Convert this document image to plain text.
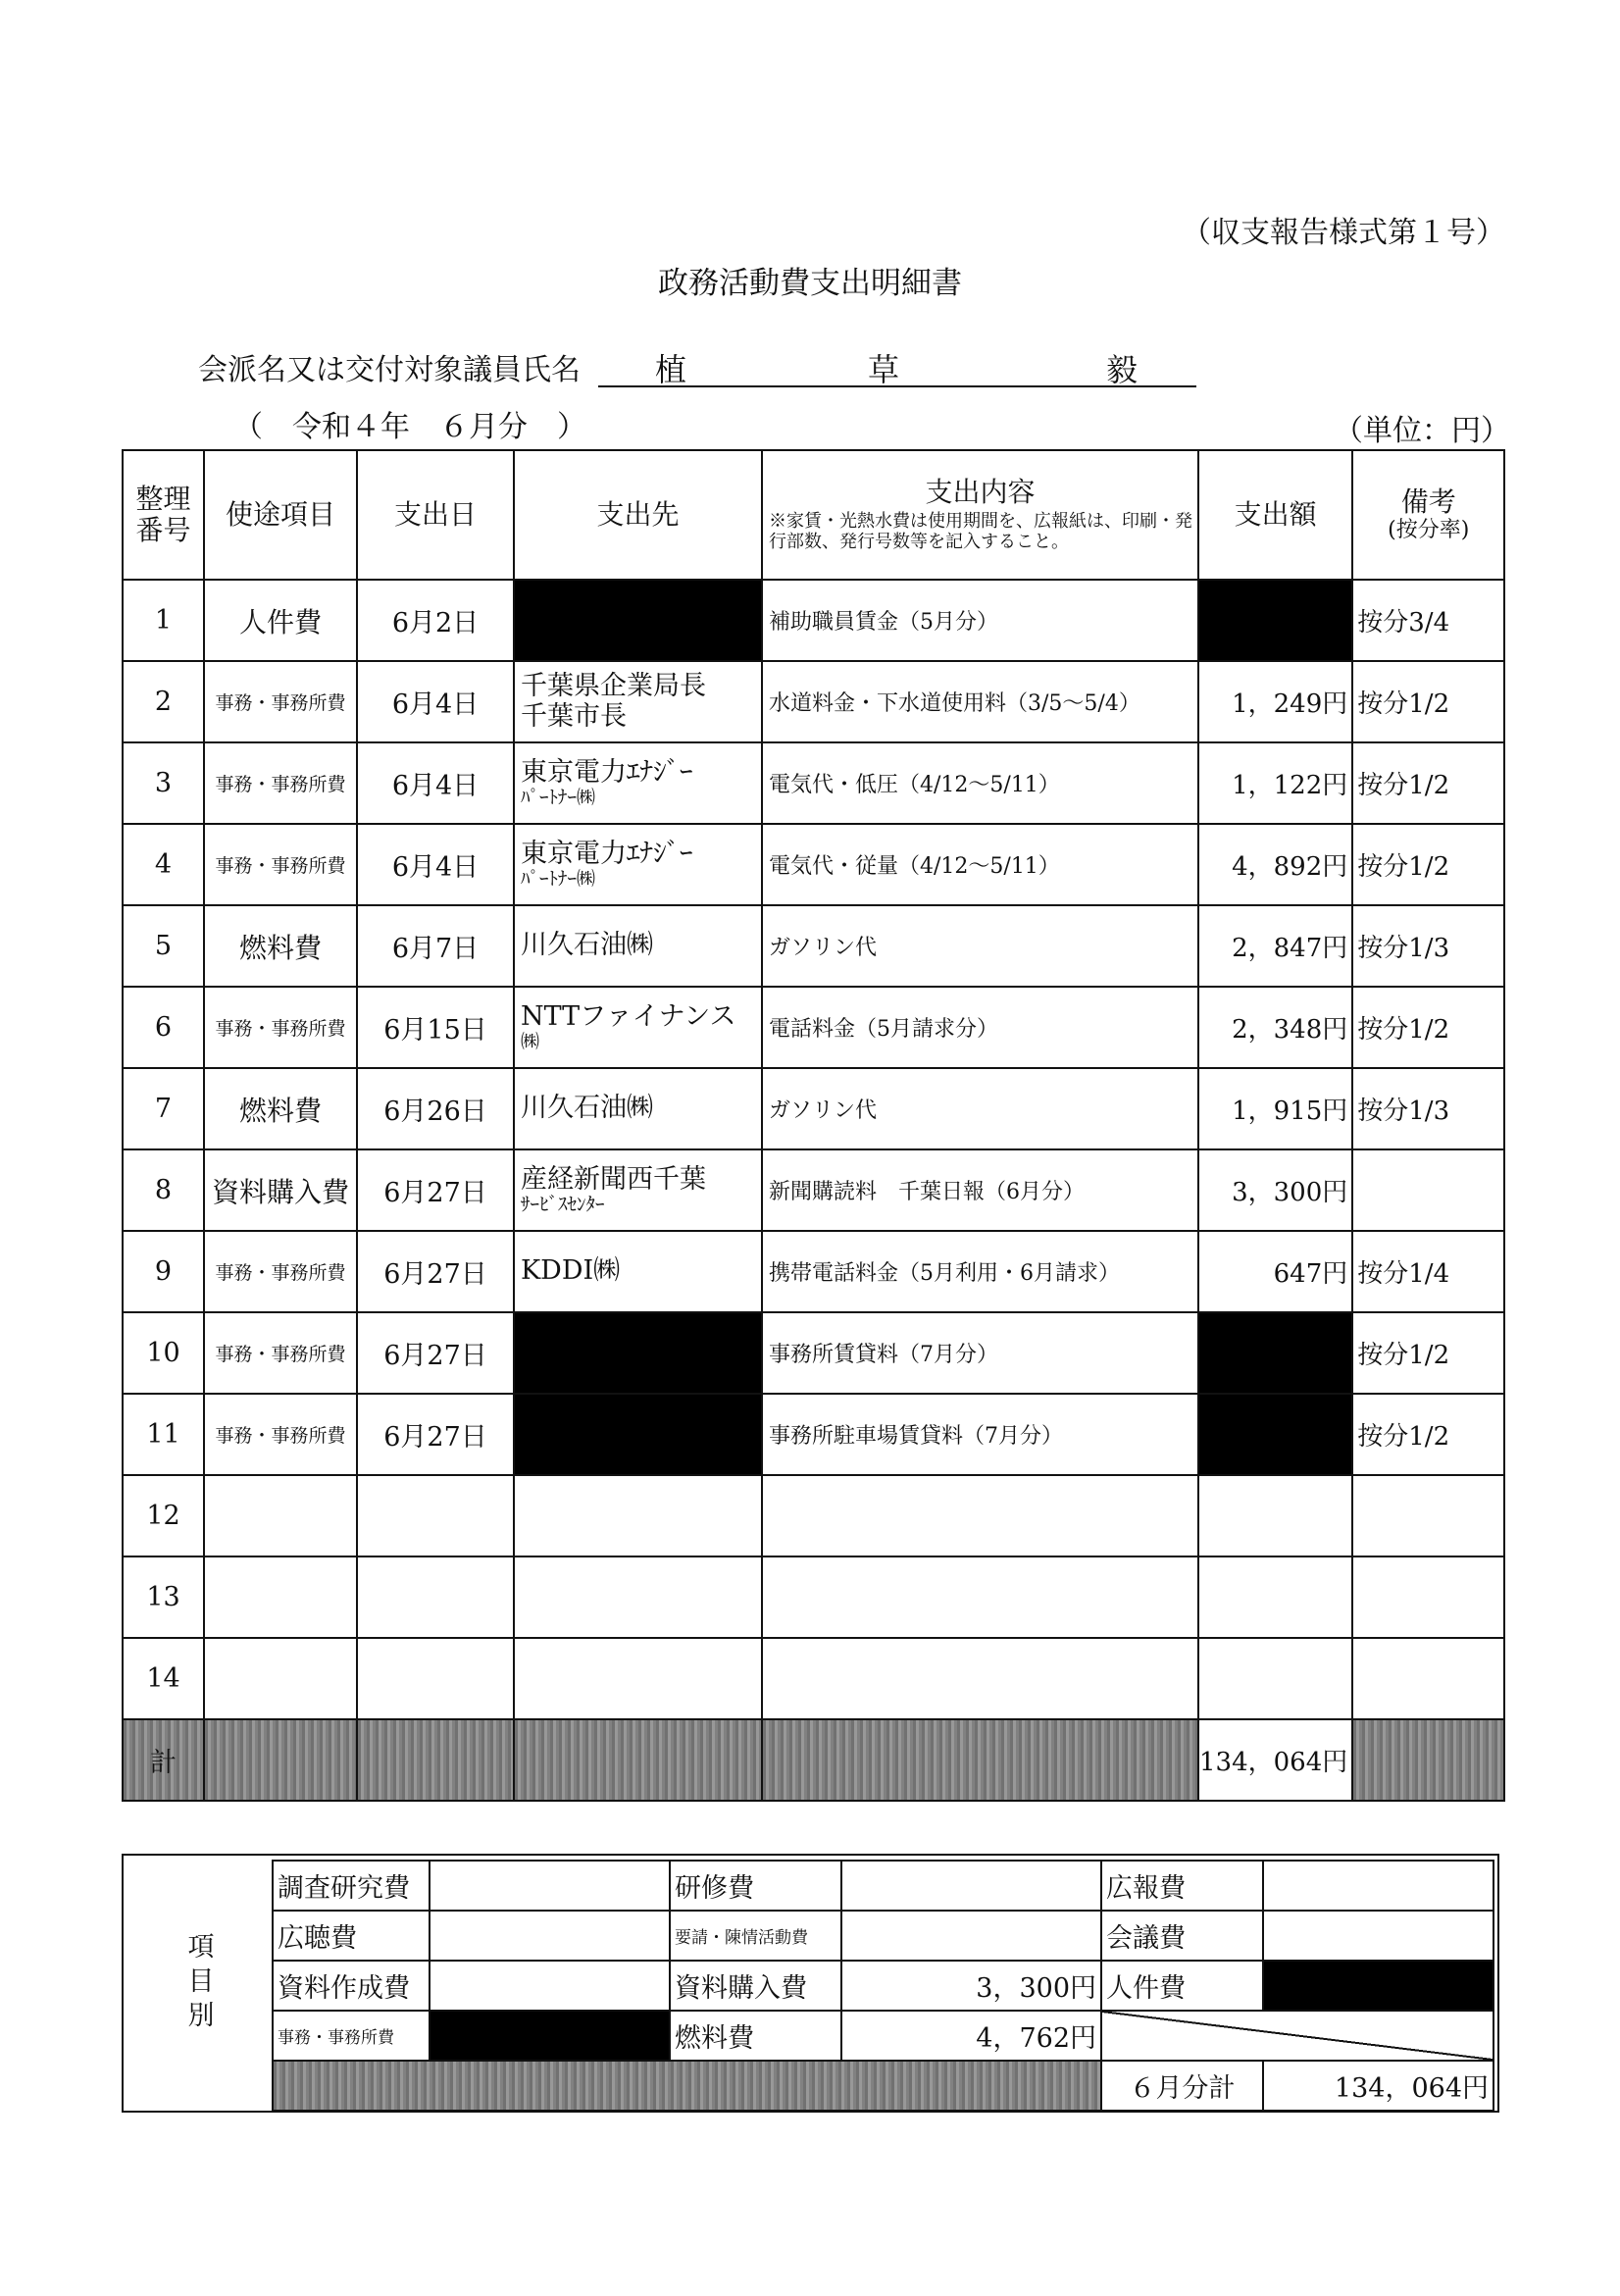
（収支報告様式第１号）
政務活動費支出明細書
会派名又は交付対象議員氏名 植	草	毅
（　令和４年　６月分　）	（単位：円）
整理番号	使途項目	支出日	支出先	支出内容
※家賃・光熱水費は使用期間を、広報紙は、印刷・発行部数、発行号数等を記入すること。	支出額	備考
(按分率)

1	人件費	6月2日		補助職員賃金（5月分）		按分3/4
2	事務・事務所費	6月4日	千葉県企業局長
千葉市長	水道料金・下水道使用料（3/5～5/4）	1，249円	按分1/2
3	事務・事務所費	6月4日	東京電力ｴﾅｼﾞｰ
ﾊﾟｰﾄﾅｰ㈱	電気代・低圧（4/12～5/11）	1，122円	按分1/2
4	事務・事務所費	6月4日	東京電力ｴﾅｼﾞｰ
ﾊﾟｰﾄﾅｰ㈱	電気代・従量（4/12～5/11）	4，892円	按分1/2
5	燃料費	6月7日	川久石油㈱	ガソリン代	2，847円	按分1/3
6	事務・事務所費	6月15日	NTTファイナンス
㈱	電話料金（5月請求分）	2，348円	按分1/2
7	燃料費	6月26日	川久石油㈱	ガソリン代	1，915円	按分1/3
8	資料購入費	6月27日	産経新聞西千葉
ｻｰﾋﾞｽｾﾝﾀｰ	新聞購読料　千葉日報（6月分）	3，300円	
9	事務・事務所費	6月27日	KDDI㈱	携帯電話料金（5月利用・6月請求）	647円	按分1/4
10	事務・事務所費	6月27日		事務所賃貸料（7月分）		按分1/2
11	事務・事務所費	6月27日		事務所駐車場賃貸料（7月分）		按分1/2
12			

13			

14			

計					134，064円	
項目別
調査研究費		研修費		広報費	
広聴費		要請・陳情活動費		会議費	
資料作成費		資料購入費	3，300円	人件費	
事務・事務所費		燃料費	4，762円		
				６月分計	134，064円
